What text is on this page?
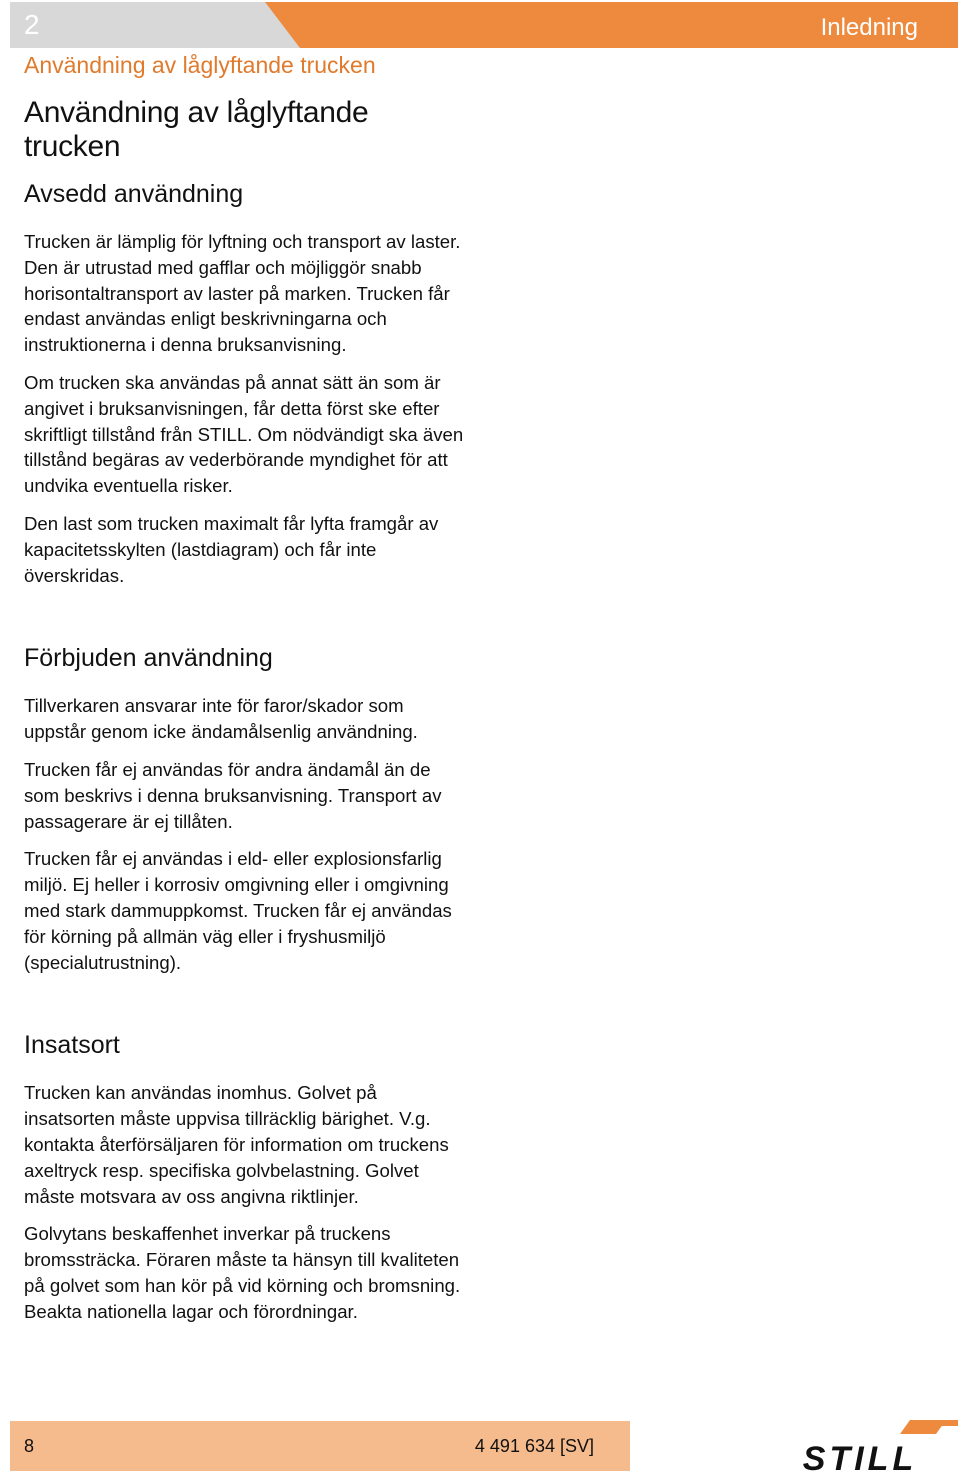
2	Inledning
Användning av låglyftande trucken
Användning av låglyftande trucken
Avsedd användning

Trucken är lämplig för lyftning och transport av laster. Den är utrustad med gafflar och möjliggör snabb horisontaltransport av laster på marken. Trucken får endast användas enligt beskrivningarna och instruktionerna i denna bruksanvisning.

Om trucken ska användas på annat sätt än som är angivet i bruksanvisningen, får detta först ske efter skriftligt tillstånd från STILL. Om nödvändigt ska även tillstånd begäras av vederbörande myndighet för att undvika eventuella risker.

Den last som trucken maximalt får lyfta framgår av kapacitetsskylten (lastdiagram) och får inte överskridas.

Förbjuden användning

Tillverkaren ansvarar inte för faror/skador som uppstår genom icke ändamålsenlig användning.

Trucken får ej användas för andra ändamål än de som beskrivs i denna bruksanvisning. Transport av passagerare är ej tillåten.

Trucken får ej användas i eld- eller explosionsfarlig miljö. Ej heller i korrosiv omgivning eller i omgivning med stark dammuppkomst. Trucken får ej användas för körning på allmän väg eller i fryshusmiljö (specialutrustning).

Insatsort

Trucken kan användas inomhus. Golvet på insatsorten måste uppvisa tillräcklig bärighet. V.g. kontakta återförsäljaren för information om truckens axeltryck resp. specifiska golvbelastning. Golvet måste motsvara av oss angivna riktlinjer.

Golvytans beskaffenhet inverkar på truckens bromssträcka. Föraren måste ta hänsyn till kvaliteten på golvet som han kör på vid körning och bromsning. Beakta nationella lagar och förordningar.

8	4 491 634 [SV]	STILL
